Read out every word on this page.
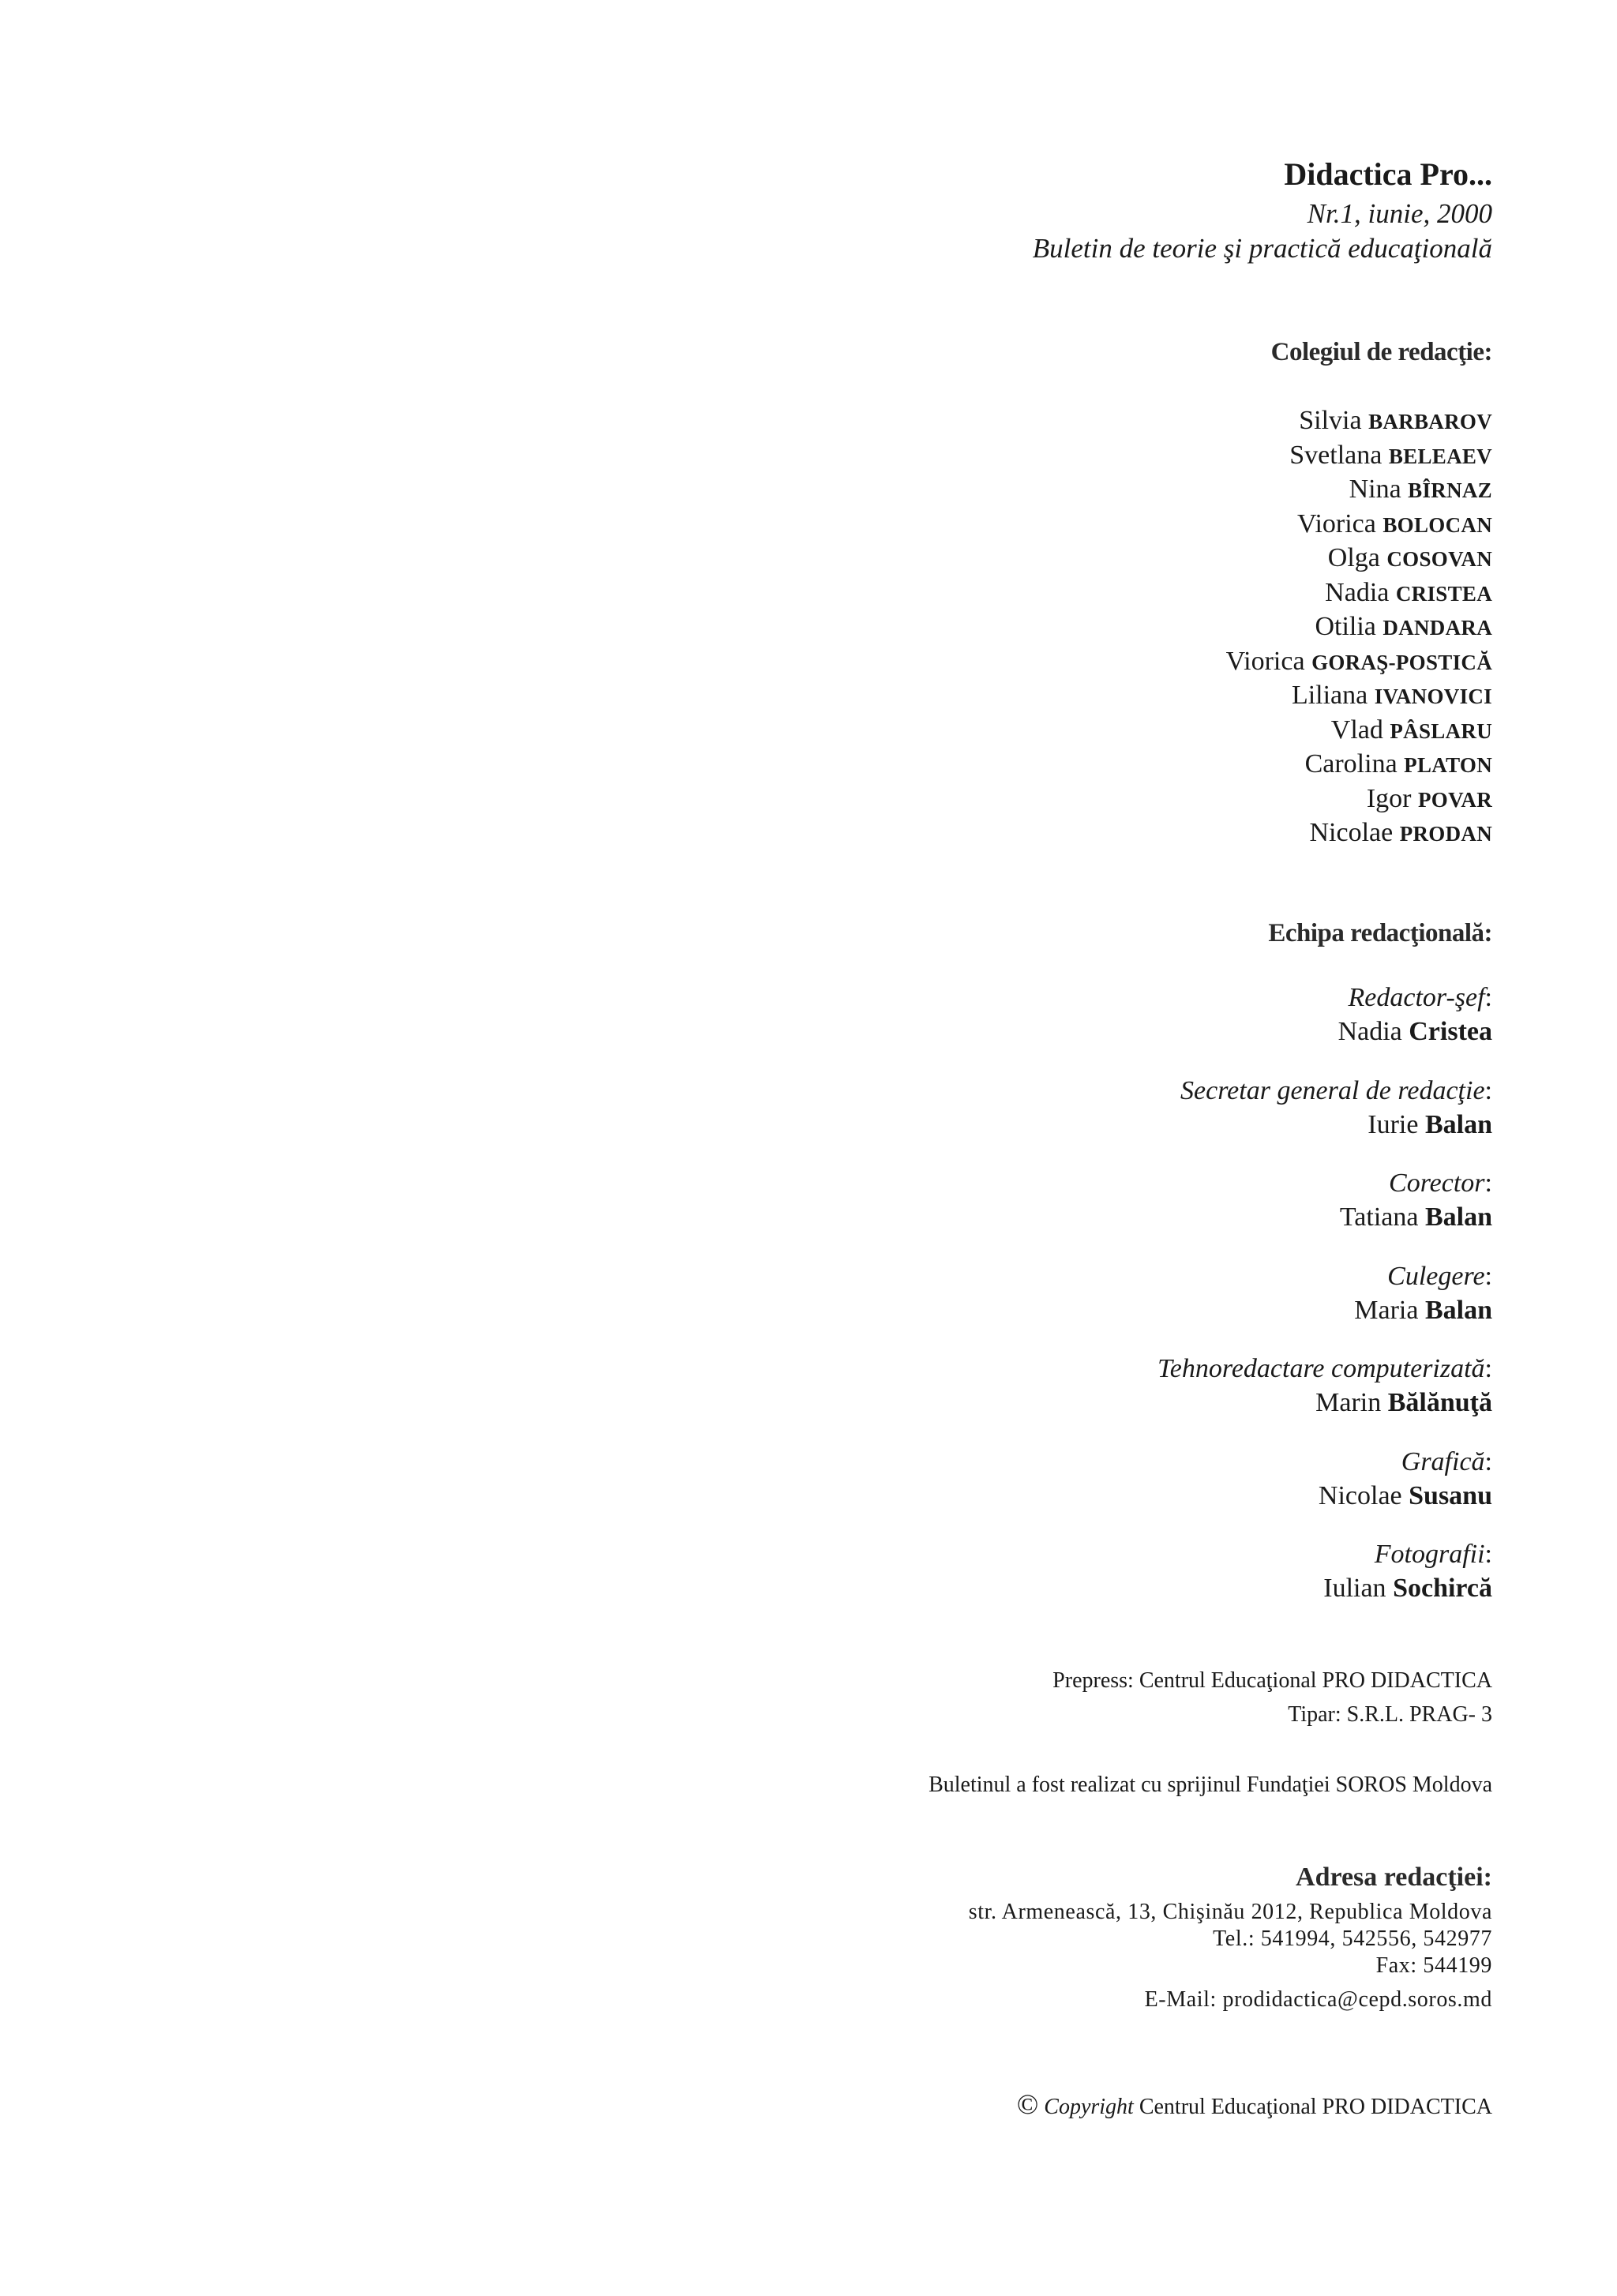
Didactica Pro...
Nr.1, iunie, 2000
Buletin de teorie şi practică educaţională
Colegiul de redacţie:
Silvia BARBAROV
Svetlana BELEAEV
Nina BÎRNAZ
Viorica BOLOCAN
Olga COSOVAN
Nadia CRISTEA
Otilia DANDARA
Viorica GORAŞ-POSTICĂ
Liliana IVANOVICI
Vlad PÂSLARU
Carolina PLATON
Igor POVAR
Nicolae PRODAN
Echipa redacţională:
Redactor-şef:
Nadia Cristea
Secretar general de redacţie:
Iurie Balan
Corector:
Tatiana Balan
Culegere:
Maria Balan
Tehnoredactare computerizată:
Marin Bălănuţă
Grafică:
Nicolae Susanu
Fotografii:
Iulian Sochircă
Prepress: Centrul Educaţional PRO DIDACTICA
Tipar: S.R.L. PRAG- 3
Buletinul a fost realizat cu sprijinul Fundaţiei SOROS Moldova
Adresa redacţiei:
str. Armenească, 13, Chişinău 2012, Republica Moldova
Tel.: 541994, 542556, 542977
Fax: 544199
E-Mail: prodidactica@cepd.soros.md
© Copyright Centrul Educaţional PRO DIDACTICA
